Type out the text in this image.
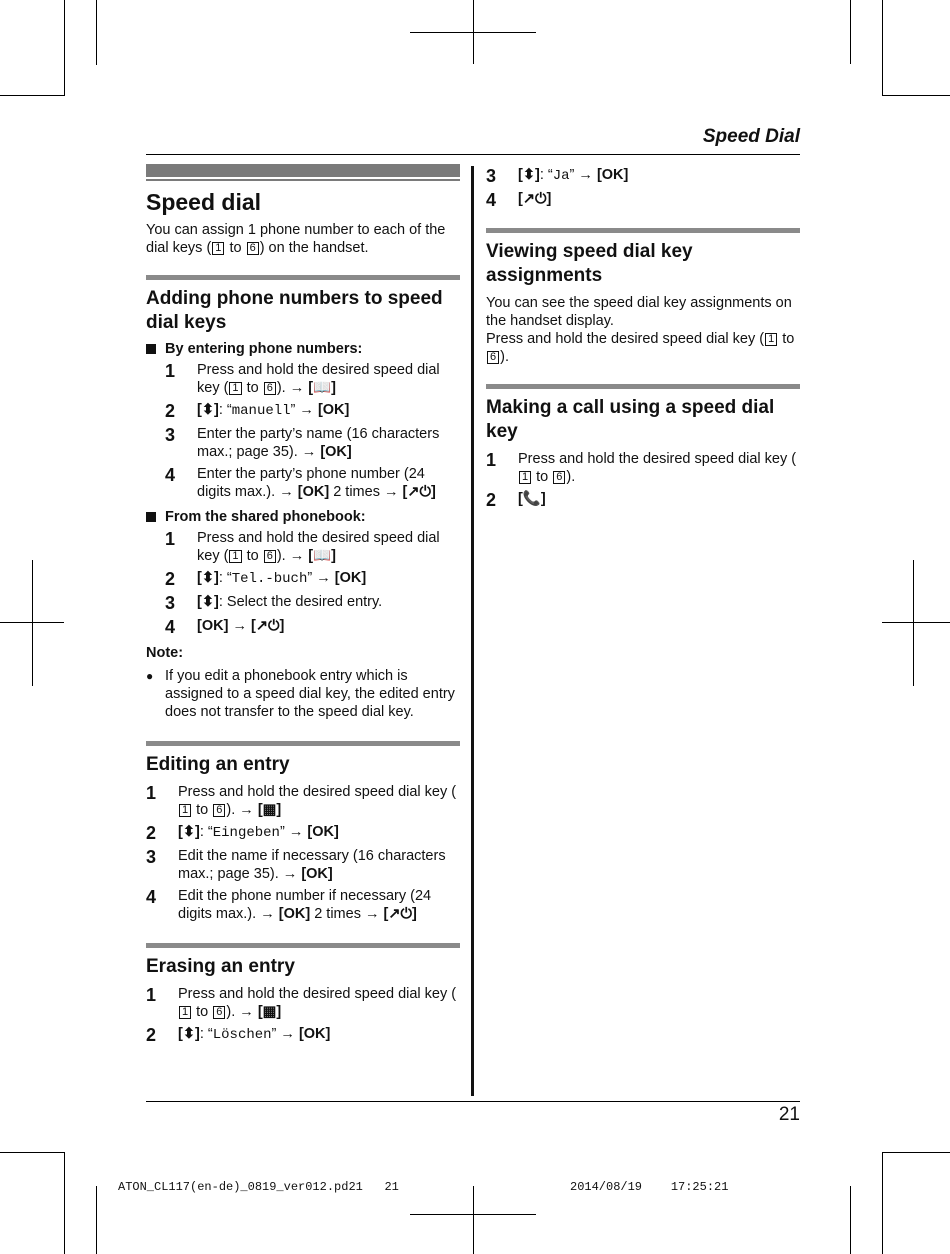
Speed Dial
Speed dial

You can assign 1 phone number to each of the dial keys ( 1 to 6 ) on the handset.

Adding phone numbers to speed dial keys
By entering phone numbers:
1	Press and hold the desired speed dial key ( 1 to 6 ). → [📖]
2	[⬍]: “manuell” → [OK]
3	Enter the party’s name (16 characters max.; page 35). → [OK]
4	Enter the party’s phone number (24 digits max.). → [OK] 2 times → [↗⏻]
From the shared phonebook:
1	Press and hold the desired speed dial key ( 1 to 6 ). → [📖]
2	[⬍]: “Tel.-buch” → [OK]
3	[⬍]: Select the desired entry.
4	[OK] → [↗⏻]
Note:
● If you edit a phonebook entry which is assigned to a speed dial key, the edited entry does not transfer to the speed dial key.
Editing an entry
1	Press and hold the desired speed dial key (1 to 6 ). → [▦]
2	[⬍]: “Eingeben” → [OK]
3	Edit the name if necessary (16 characters max.; page 35). → [OK]
4	Edit the phone number if necessary (24 digits max.). → [OK] 2 times → [↗⏻]
Erasing an entry
1	Press and hold the desired speed dial key (1 to 6 ). → [▦]
2	[⬍]: “Löschen” → [OK]
3	[⬍]: “Ja” → [OK]
4	[↗⏻]
Viewing speed dial key assignments

You can see the speed dial key assignments on the handset display.

Press and hold the desired speed dial key ( 1 to 6 ).

Making a call using a speed dial key
1	Press and hold the desired speed dial key (1 to 6 ).
2	[📞]
21
ATON_CL117(en-de)_0819_ver012.pd21 21	2014/08/19 17:25:21
